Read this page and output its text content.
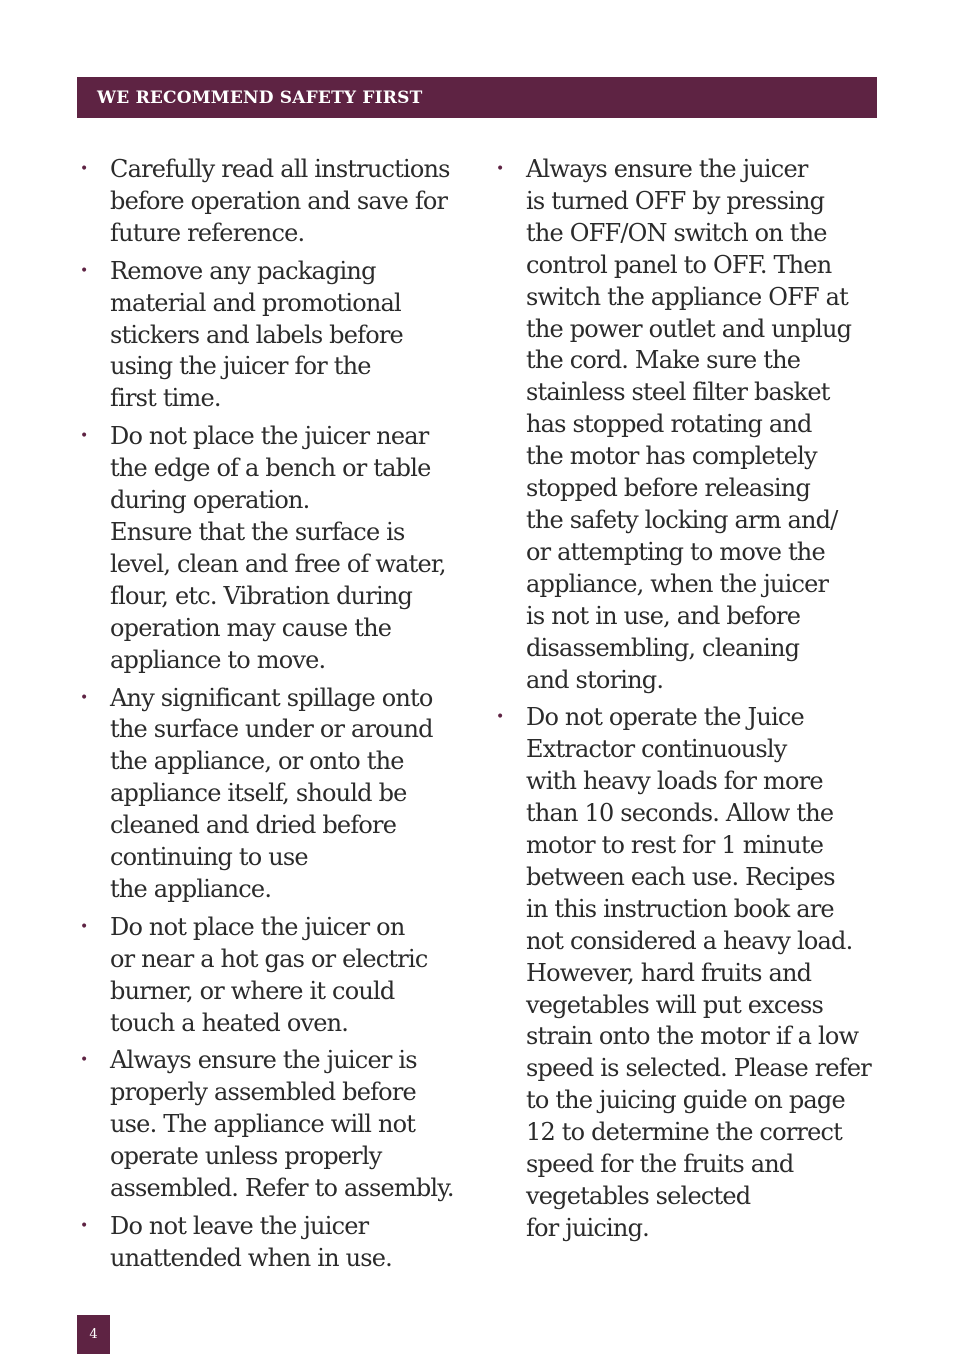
WE RECOMMEND SAFETY FIRST
• Carefully read all instructions
before operation and save for
future reference.
• Remove any packaging
material and promotional
stickers and labels before
using the juicer for the
first time.
• Do not place the juicer near
the edge of a bench or table
during operation.
Ensure that the surface is
level, clean and free of water,
flour, etc. Vibration during
operation may cause the
appliance to move.
• Any significant spillage onto
the surface under or around
the appliance, or onto the
appliance itself, should be
cleaned and dried before
continuing to use
the appliance.
• Do not place the juicer on
or near a hot gas or electric
burner, or where it could
touch a heated oven.
• Always ensure the juicer is
properly assembled before
use. The appliance will not
operate unless properly
assembled. Refer to assembly.
• Do not leave the juicer
unattended when in use.
• Always ensure the juicer
is turned OFF by pressing
the OFF/ON switch on the
control panel to OFF. Then
switch the appliance OFF at
the power outlet and unplug
the cord. Make sure the
stainless steel filter basket
has stopped rotating and
the motor has completely
stopped before releasing
the safety locking arm and/
or attempting to move the
appliance, when the juicer
is not in use, and before
disassembling, cleaning
and storing.
• Do not operate the Juice
Extractor continuously
with heavy loads for more
than 10 seconds. Allow the
motor to rest for 1 minute
between each use. Recipes
in this instruction book are
not considered a heavy load.
However, hard fruits and
vegetables will put excess
strain onto the motor if a low
speed is selected. Please refer
to the juicing guide on page
12 to determine the correct
speed for the fruits and
vegetables selected
for juicing.
4
